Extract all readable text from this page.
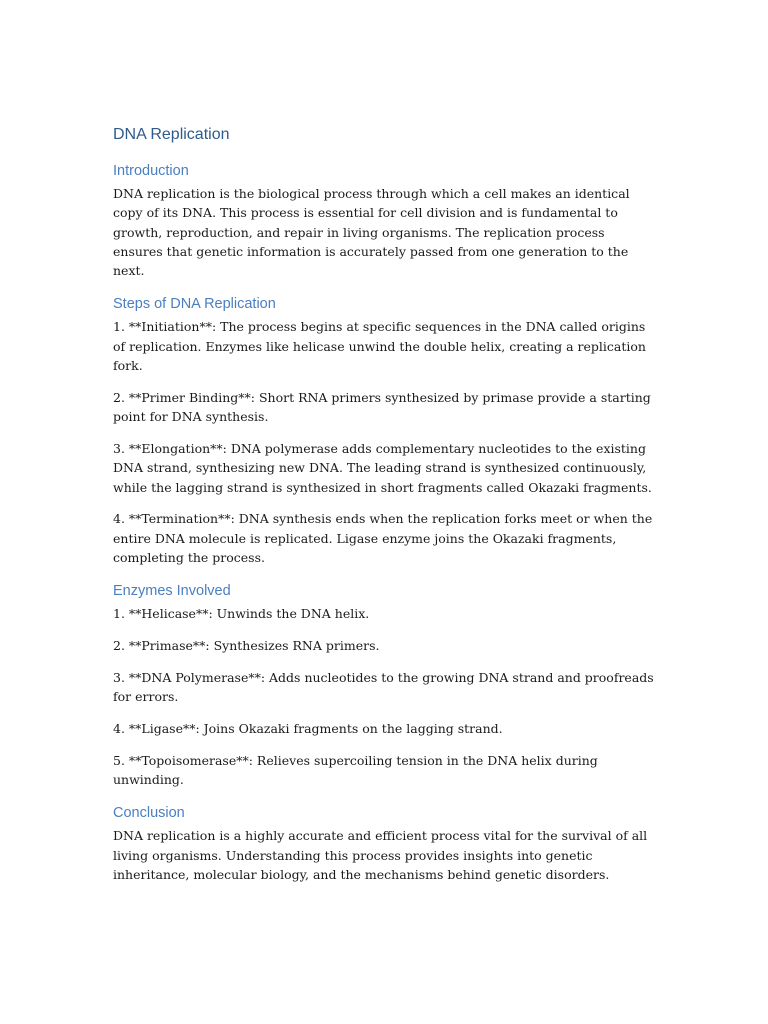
DNA Replication
Introduction

DNA replication is the biological process through which a cell makes an identical copy of its DNA. This process is essential for cell division and is fundamental to growth, reproduction, and repair in living organisms. The replication process ensures that genetic information is accurately passed from one generation to the next.

Steps of DNA Replication

1. **Initiation**: The process begins at specific sequences in the DNA called origins of replication. Enzymes like helicase unwind the double helix, creating a replication fork.

2. **Primer Binding**: Short RNA primers synthesized by primase provide a starting point for DNA synthesis.

3. **Elongation**: DNA polymerase adds complementary nucleotides to the existing DNA strand, synthesizing new DNA. The leading strand is synthesized continuously, while the lagging strand is synthesized in short fragments called Okazaki fragments.

4. **Termination**: DNA synthesis ends when the replication forks meet or when the entire DNA molecule is replicated. Ligase enzyme joins the Okazaki fragments, completing the process.

Enzymes Involved

1. **Helicase**: Unwinds the DNA helix.

2. **Primase**: Synthesizes RNA primers.

3. **DNA Polymerase**: Adds nucleotides to the growing DNA strand and proofreads for errors.

4. **Ligase**: Joins Okazaki fragments on the lagging strand.

5. **Topoisomerase**: Relieves supercoiling tension in the DNA helix during unwinding.

Conclusion

DNA replication is a highly accurate and efficient process vital for the survival of all living organisms. Understanding this process provides insights into genetic inheritance, molecular biology, and the mechanisms behind genetic disorders.
